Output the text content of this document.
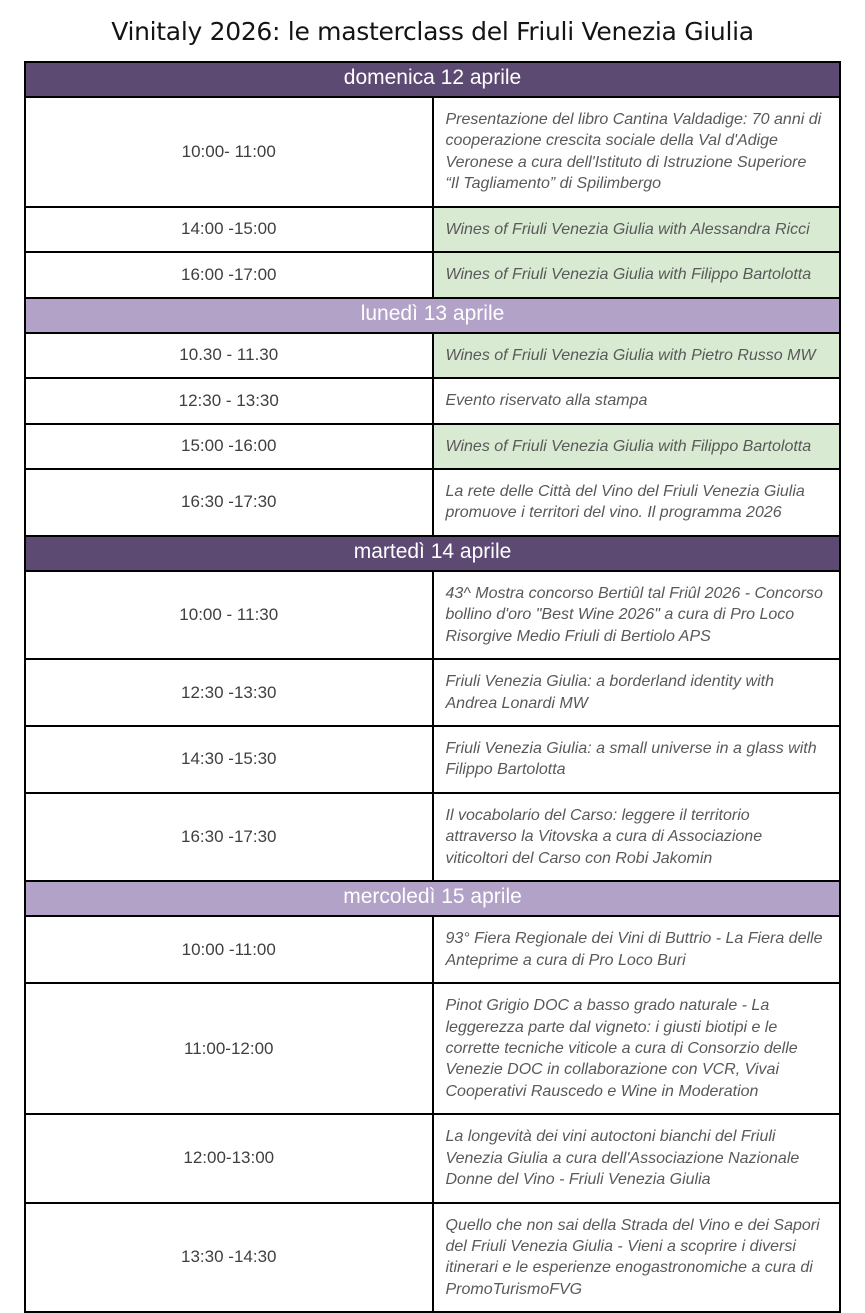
Vinitaly 2026: le masterclass del Friuli Venezia Giulia
domenica 12 aprile	
10:00- 11:00	Presentazione del libro Cantina Valdadige: 70 anni di cooperazione crescita sociale della Val d'Adige Veronese a cura dell'Istituto di Istruzione Superiore “Il Tagliamento” di Spilimbergo
14:00 -15:00	Wines of Friuli Venezia Giulia with Alessandra Ricci
16:00 -17:00	Wines of Friuli Venezia Giulia with Filippo Bartolotta
lunedì 13 aprile	
10.30 - 11.30	Wines of Friuli Venezia Giulia with Pietro Russo MW
12:30 - 13:30	Evento riservato alla stampa
15:00 -16:00	Wines of Friuli Venezia Giulia with Filippo Bartolotta
16:30 -17:30	La rete delle Città del Vino del Friuli Venezia Giulia promuove i territori del vino. Il programma 2026
martedì 14 aprile	
10:00 - 11:30	43^ Mostra concorso Bertiûl tal Friûl 2026 - Concorso bollino d'oro "Best Wine 2026" a cura di Pro Loco Risorgive Medio Friuli di Bertiolo APS
12:30 -13:30	Friuli Venezia Giulia: a borderland identity with Andrea Lonardi MW
14:30 -15:30	Friuli Venezia Giulia: a small universe in a glass with Filippo Bartolotta
16:30 -17:30	Il vocabolario del Carso: leggere il territorio attraverso la Vitovska a cura di Associazione viticoltori del Carso con Robi Jakomin
mercoledì 15 aprile	
10:00 -11:00	93° Fiera Regionale dei Vini di Buttrio - La Fiera delle Anteprime a cura di Pro Loco Buri
11:00-12:00	Pinot Grigio DOC a basso grado naturale - La leggerezza parte dal vigneto: i giusti biotipi e le corrette tecniche viticole a cura di Consorzio delle Venezie DOC in collaborazione con VCR, Vivai Cooperativi Rauscedo e Wine in Moderation
12:00-13:00	La longevità dei vini autoctoni bianchi del Friuli Venezia Giulia a cura dell'Associazione Nazionale Donne del Vino - Friuli Venezia Giulia
13:30 -14:30	Quello che non sai della Strada del Vino e dei Sapori del Friuli Venezia Giulia - Vieni a scoprire i diversi itinerari e le esperienze enogastronomiche a cura di PromoTurismoFVG
